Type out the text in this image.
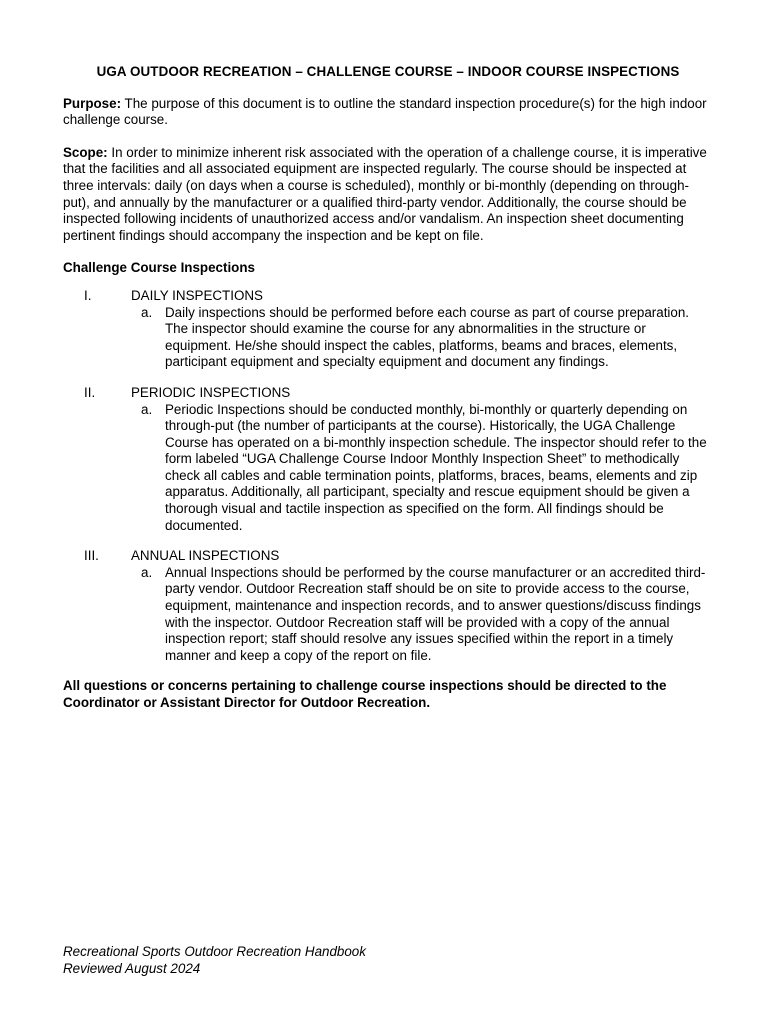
UGA OUTDOOR RECREATION – CHALLENGE COURSE – INDOOR COURSE INSPECTIONS

Purpose: The purpose of this document is to outline the standard inspection procedure(s) for the high indoor challenge course.

Scope: In order to minimize inherent risk associated with the operation of a challenge course, it is imperative that the facilities and all associated equipment are inspected regularly. The course should be inspected at three intervals: daily (on days when a course is scheduled), monthly or bi-monthly (depending on through-put), and annually by the manufacturer or a qualified third-party vendor. Additionally, the course should be inspected following incidents of unauthorized access and/or vandalism. An inspection sheet documenting pertinent findings should accompany the inspection and be kept on file.

Challenge Course Inspections

I.	DAILY INSPECTIONS

a. Daily inspections should be performed before each course as part of course preparation. The inspector should examine the course for any abnormalities in the structure or equipment. He/she should inspect the cables, platforms, beams and braces, elements, participant equipment and specialty equipment and document any findings.

II.	PERIODIC INSPECTIONS

a. Periodic Inspections should be conducted monthly, bi-monthly or quarterly depending on through-put (the number of participants at the course). Historically, the UGA Challenge Course has operated on a bi-monthly inspection schedule. The inspector should refer to the form labeled “UGA Challenge Course Indoor Monthly Inspection Sheet” to methodically check all cables and cable termination points, platforms, braces, beams, elements and zip apparatus. Additionally, all participant, specialty and rescue equipment should be given a thorough visual and tactile inspection as specified on the form. All findings should be documented.

III. ANNUAL INSPECTIONS

a. Annual Inspections should be performed by the course manufacturer or an accredited third-party vendor. Outdoor Recreation staff should be on site to provide access to the course, equipment, maintenance and inspection records, and to answer questions/discuss findings with the inspector. Outdoor Recreation staff will be provided with a copy of the annual inspection report; staff should resolve any issues specified within the report in a timely manner and keep a copy of the report on file.

All questions or concerns pertaining to challenge course inspections should be directed to the Coordinator or Assistant Director for Outdoor Recreation.

Recreational Sports Outdoor Recreation Handbook
Reviewed August 2024
